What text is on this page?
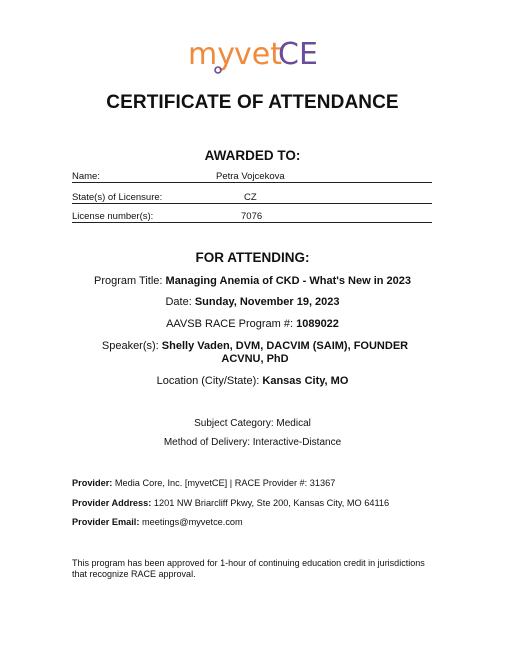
my vet
CE
CERTIFICATE OF ATTENDANCE
AWARDED TO:
Name:	Petra Vojcekova
State(s) of Licensure:	CZ
License number(s):	7076
FOR ATTENDING:
Program Title: Managing Anemia of CKD - What's New in 2023
Date: Sunday, November 19, 2023
AAVSB RACE Program #: 1089022
Speaker(s): Shelly Vaden, DVM, DACVIM (SAIM), FOUNDER ACVNU, PhD
Location (City/State): Kansas City, MO
Subject Category: Medical
Method of Delivery: Interactive-Distance
Provider: Media Core, Inc. [myvetCE] | RACE Provider #: 31367
Provider Address: 1201 NW Briarcliff Pkwy, Ste 200, Kansas City, MO 64116
Provider Email: meetings@myvetce.com
This program has been approved for 1-hour of continuing education credit in jurisdictions that recognize RACE approval.
